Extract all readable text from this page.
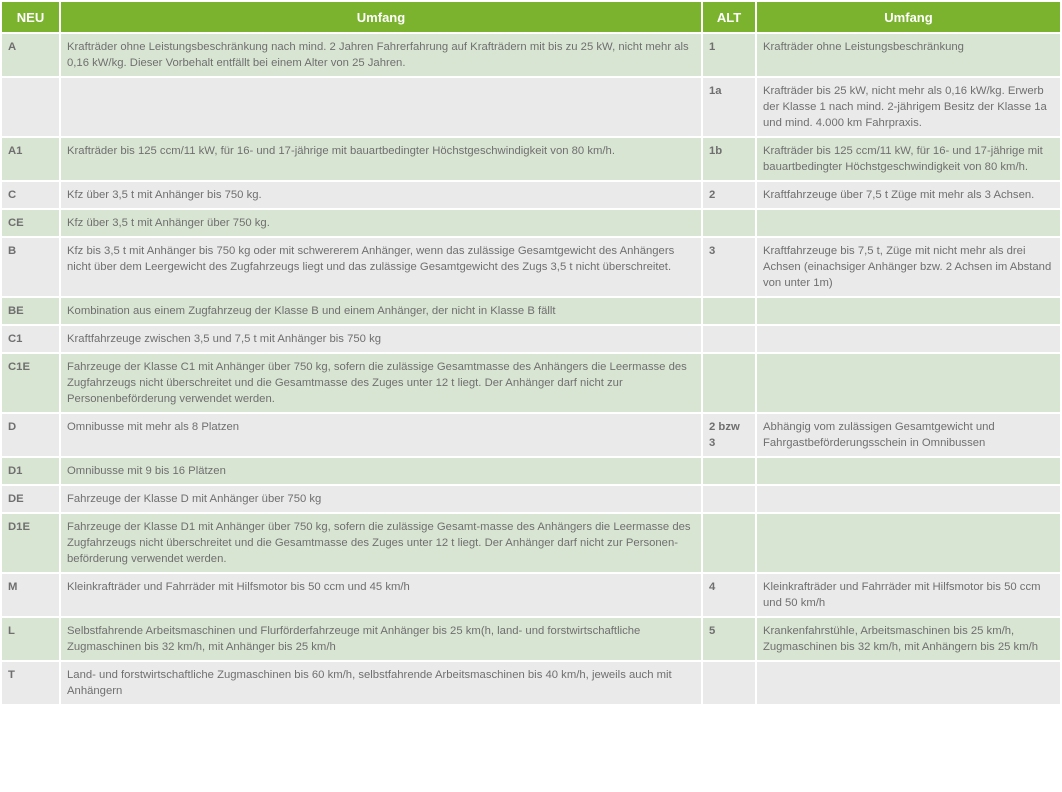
NEU	Umfang	ALT	Umfang
A	Krafträder ohne Leistungsbeschränkung nach mind. 2 Jahren Fahrerfahrung auf Krafträdern mit bis zu 25 kW, nicht mehr als 0,16 kW/kg. Dieser Vorbehalt entfällt bei einem Alter von 25 Jahren.	1	Krafträder ohne Leistungsbeschränkung
		1a	Krafträder bis 25 kW, nicht mehr als 0,16 kW/kg. Erwerb der Klasse 1 nach mind. 2-jährigem Besitz der Klasse 1a und mind. 4.000 km Fahrpraxis.
A1	Krafträder bis 125 ccm/11 kW, für 16- und 17-jährige mit bauartbedingter Höchstgeschwindigkeit von 80 km/h.	1b	Krafträder bis 125 ccm/11 kW, für 16- und 17-jährige mit bauartbedingter Höchstgeschwindigkeit von 80 km/h.
C	Kfz über 3,5 t mit Anhänger bis 750 kg.	2	Kraftfahrzeuge über 7,5 t Züge mit mehr als 3 Achsen.
CE	Kfz über 3,5 t mit Anhänger über 750 kg.		
B	Kfz bis 3,5 t mit Anhänger bis 750 kg oder mit schwererem Anhänger, wenn das zulässige Gesamtgewicht des Anhängers nicht über dem Leergewicht des Zugfahrzeugs liegt und das zulässige Gesamtgewicht des Zugs 3,5 t nicht überschreitet.	3	Kraftfahrzeuge bis 7,5 t, Züge mit nicht mehr als drei Achsen (einachsiger Anhänger bzw. 2 Achsen im Abstand von unter 1m)
BE	Kombination aus einem Zugfahrzeug der Klasse B und einem Anhänger, der nicht in Klasse B fällt		
C1	Kraftfahrzeuge zwischen 3,5 und 7,5 t mit Anhänger bis 750 kg		
C1E	Fahrzeuge der Klasse C1 mit Anhänger über 750 kg, sofern die zulässige Gesamtmasse des Anhängers die Leermasse des Zugfahrzeugs nicht überschreitet und die Gesamtmasse des Zuges unter 12 t liegt. Der Anhänger darf nicht zur Personenbeförderung verwendet werden.		
D	Omnibusse mit mehr als 8 Platzen	2 bzw 3	Abhängig vom zulässigen Gesamtgewicht und Fahrgastbeförderungsschein in Omnibussen
D1	Omnibusse mit 9 bis 16 Plätzen		
DE	Fahrzeuge der Klasse D mit Anhänger über 750 kg		
D1E	Fahrzeuge der Klasse D1 mit Anhänger über 750 kg, sofern die zulässige Gesamt-masse des Anhängers die Leermasse des Zugfahrzeugs nicht überschreitet und die Gesamtmasse des Zuges unter 12 t liegt. Der Anhänger darf nicht zur Personen-beförderung verwendet werden.		
M	Kleinkrafträder und Fahrräder mit Hilfsmotor bis 50 ccm und 45 km/h	4	Kleinkrafträder und Fahrräder mit Hilfsmotor bis 50 ccm und 50 km/h
L	Selbstfahrende Arbeitsmaschinen und Flurförderfahrzeuge mit Anhänger bis 25 km(h, land- und forstwirtschaftliche Zugmaschinen bis 32 km/h, mit Anhänger bis 25 km/h	5	Krankenfahrstühle, Arbeitsmaschinen bis 25 km/h, Zugmaschinen bis 32 km/h, mit Anhängern bis 25 km/h
T	Land- und forstwirtschaftliche Zugmaschinen bis 60 km/h, selbstfahrende Arbeitsmaschinen bis 40 km/h, jeweils auch mit Anhängern		
